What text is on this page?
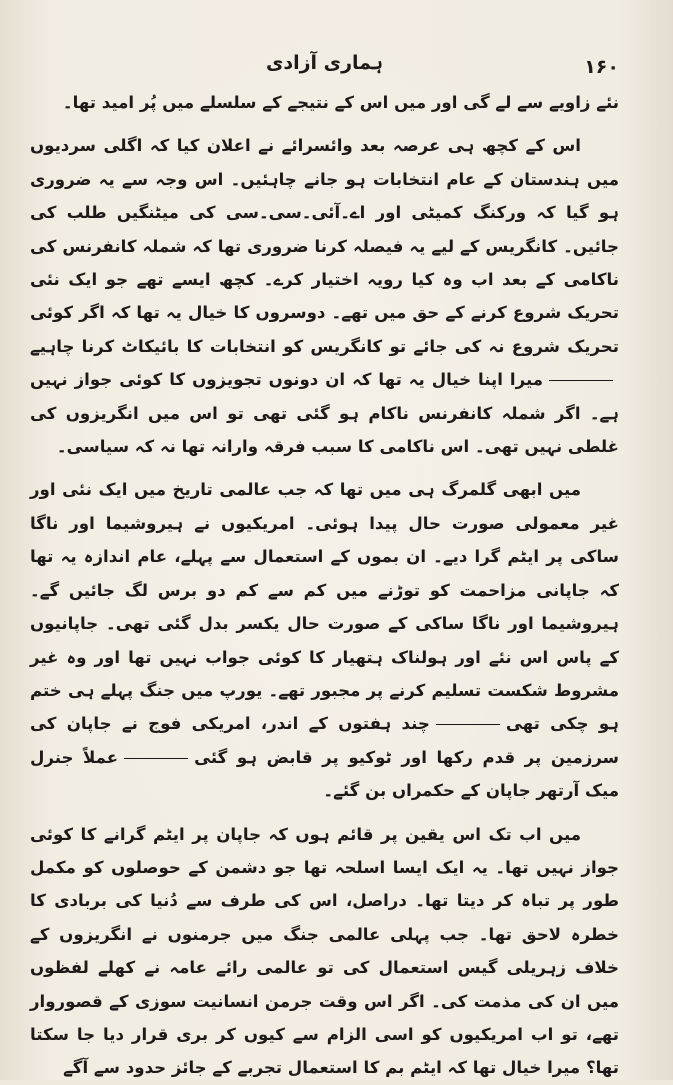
۱۶۰
ہماری آزادی

نئے زاویے سے لے گی اور میں اس کے نتیجے کے سلسلے میں پُر امید تھا۔

اس کے کچھ ہی عرصہ بعد وائسرائے نے اعلان کیا کہ اگلی سردیوں میں ہندستان کے عام انتخابات ہو جانے چاہئیں۔ اس وجہ سے یہ ضروری ہو گیا کہ ورکنگ کمیٹی اور اے۔آئی۔سی۔سی کی میٹنگیں طلب کی جائیں۔ کانگریس کے لیے یہ فیصلہ کرنا ضروری تھا کہ شملہ کانفرنس کی ناکامی کے بعد اب وہ کیا رویہ اختیار کرے۔ کچھ ایسے تھے جو ایک نئی تحریک شروع کرنے کے حق میں تھے۔ دوسروں کا خیال یہ تھا کہ اگر کوئی تحریک شروع نہ کی جائے تو کانگریس کو انتخابات کا بائیکاٹ کرنا چاہیےمیرا اپنا خیال یہ تھا کہ ان دونوں تجویزوں کا کوئی جواز نہیں ہے۔ اگر شملہ کانفرنس ناکام ہو گئی تھی تو اس میں انگریزوں کی غلطی نہیں تھی۔ اس ناکامی کا سبب فرقہ وارانہ تھا نہ کہ سیاسی۔

میں ابھی گلمرگ ہی میں تھا کہ جب عالمی تاریخ میں ایک نئی اور غیر معمولی صورت حال پیدا ہوئی۔ امریکیوں نے ہیروشیما اور ناگا ساکی پر ایٹم گرا دیے۔ ان بموں کے استعمال سے پہلے، عام اندازہ یہ تھا کہ جاپانی مزاحمت کو توڑنے میں کم سے کم دو برس لگ جائیں گے۔ ہیروشیما اور ناگا ساکی کے صورت حال یکسر بدل گئی تھی۔ جاپانیوں کے پاس اس نئے اور ہولناک ہتھیار کا کوئی جواب نہیں تھا اور وہ غیر مشروط شکست تسلیم کرنے پر مجبور تھے۔ یورپ میں جنگ پہلے ہی ختم ہو چکی تھیچند ہفتوں کے اندر، امریکی فوج نے جاپان کی سرزمین پر قدم رکھا اور ٹوکیو پر قابض ہو گئیعملاً جنرل میک آرتھر جاپان کے حکمراں بن گئے۔

میں اب تک اس یقین پر قائم ہوں کہ جاپان پر ایٹم گرانے کا کوئی جواز نہیں تھا۔ یہ ایک ایسا اسلحہ تھا جو دشمن کے حوصلوں کو مکمل طور پر تباہ کر دیتا تھا۔ دراصل، اس کی طرف سے دُنیا کی بربادی کا خطرہ لاحق تھا۔ جب پہلی عالمی جنگ میں جرمنوں نے انگریزوں کے خلاف زہریلی گیس استعمال کی تو عالمی رائے عامہ نے کھلے لفظوں میں ان کی مذمت کی۔ اگر اس وقت جرمن انسانیت سوزی کے قصوروار تھے، تو اب امریکیوں کو اسی الزام سے کیوں کر بری قرار دیا جا سکتا تھا؟ میرا خیال تھا کہ ایٹم بم کا استعمال تجربے کے جائز حدود سے آگے
